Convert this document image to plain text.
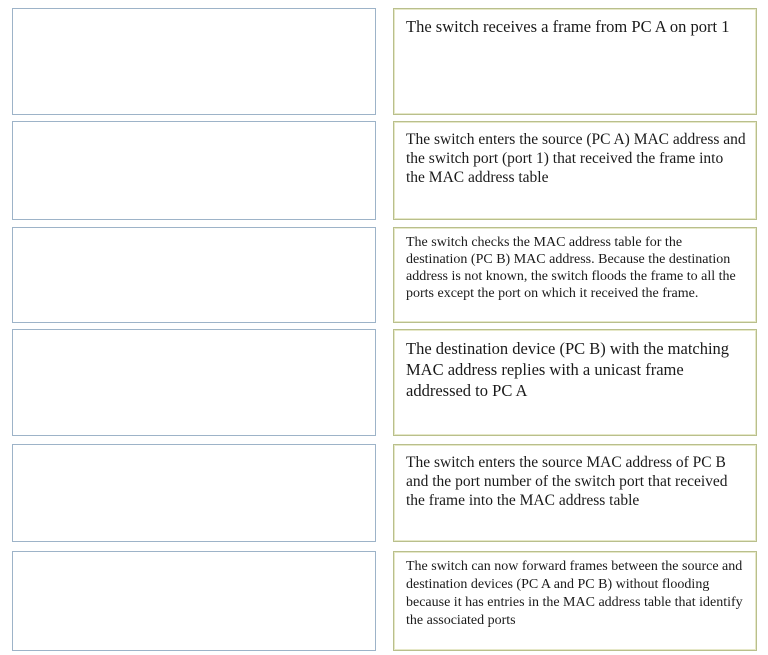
The switch receives a frame from PC A on port 1
The switch enters the source (PC A) MAC address and the switch port (port 1) that received the frame into the MAC address table
The switch checks the MAC address table for the destination (PC B) MAC address. Because the destination address is not known, the switch floods the frame to all the ports except the port on which it received the frame.
The destination device (PC B) with the matching MAC address replies with a unicast frame addressed to PC A
The switch enters the source MAC address of PC B and the port number of the switch port that received the frame into the MAC address table
The switch can now forward frames between the source and destination devices (PC A and PC B) without flooding because it has entries in the MAC address table that identify the associated ports
